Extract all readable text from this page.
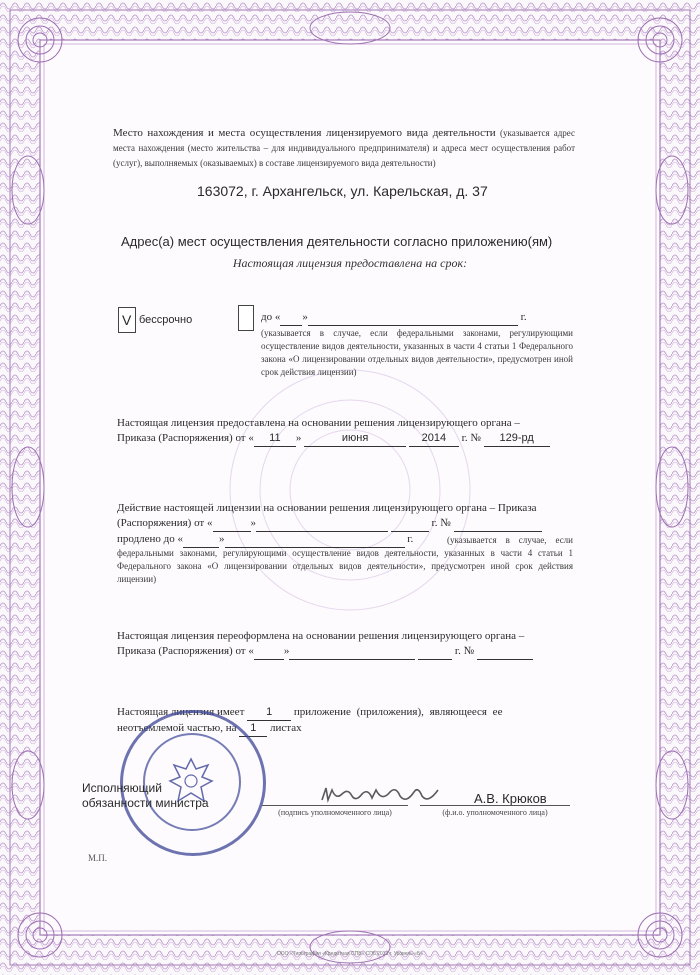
Место нахождения и места осуществления лицензируемого вида деятельности (указывается адрес места нахождения (место жительства – для индивидуального предпринимателя) и адреса мест осуществления работ (услуг), выполняемых (оказываемых) в составе лицензируемого вида деятельности)
163072, г. Архангельск, ул. Карельская, д. 37
Адрес(а) мест осуществления деятельности согласно приложению(ям)
Настоящая лицензия предоставлена на срок:
V бессрочно	до « »	г.
(указывается в случае, если федеральными законами, регулирующими осуществление видов деятельности, указанных в части 4 статьи 1 Федерального закона «О лицензировании отдельных видов деятельности», предусмотрен иной срок действия лицензии)
Настоящая лицензия предоставлена на основании решения лицензирующего органа –
Приказа (Распоряжения) от « 11 »	июня	2014 г. № 129-рд
Действие настоящей лицензии на основании решения лицензирующего органа – Приказа
(Распоряжения) от «	»	г. №
продлено до «	»	г.	(указывается в случае, если федеральными законами, регулирующими осуществление видов деятельности, указанных в части 4 статьи 1 Федерального закона «О лицензировании отдельных видов деятельности», предусмотрен иной срок действия лицензии)
Настоящая лицензия переоформлена на основании решения лицензирующего органа –
Приказа (Распоряжения) от «	»	г. №
Настоящая лицензия имеет 1 приложение (приложения), являющееся ее
неотъемлемой частью, на 1 листах
Исполняющий
обязанности министра
М.П.
(подпись уполномоченного лица)
А.В. Крюков
(ф.и.о. уполномоченного лица)
ООО «Типография «Кредитная СПБ» СПб 2013 г. Уровень «Б»
